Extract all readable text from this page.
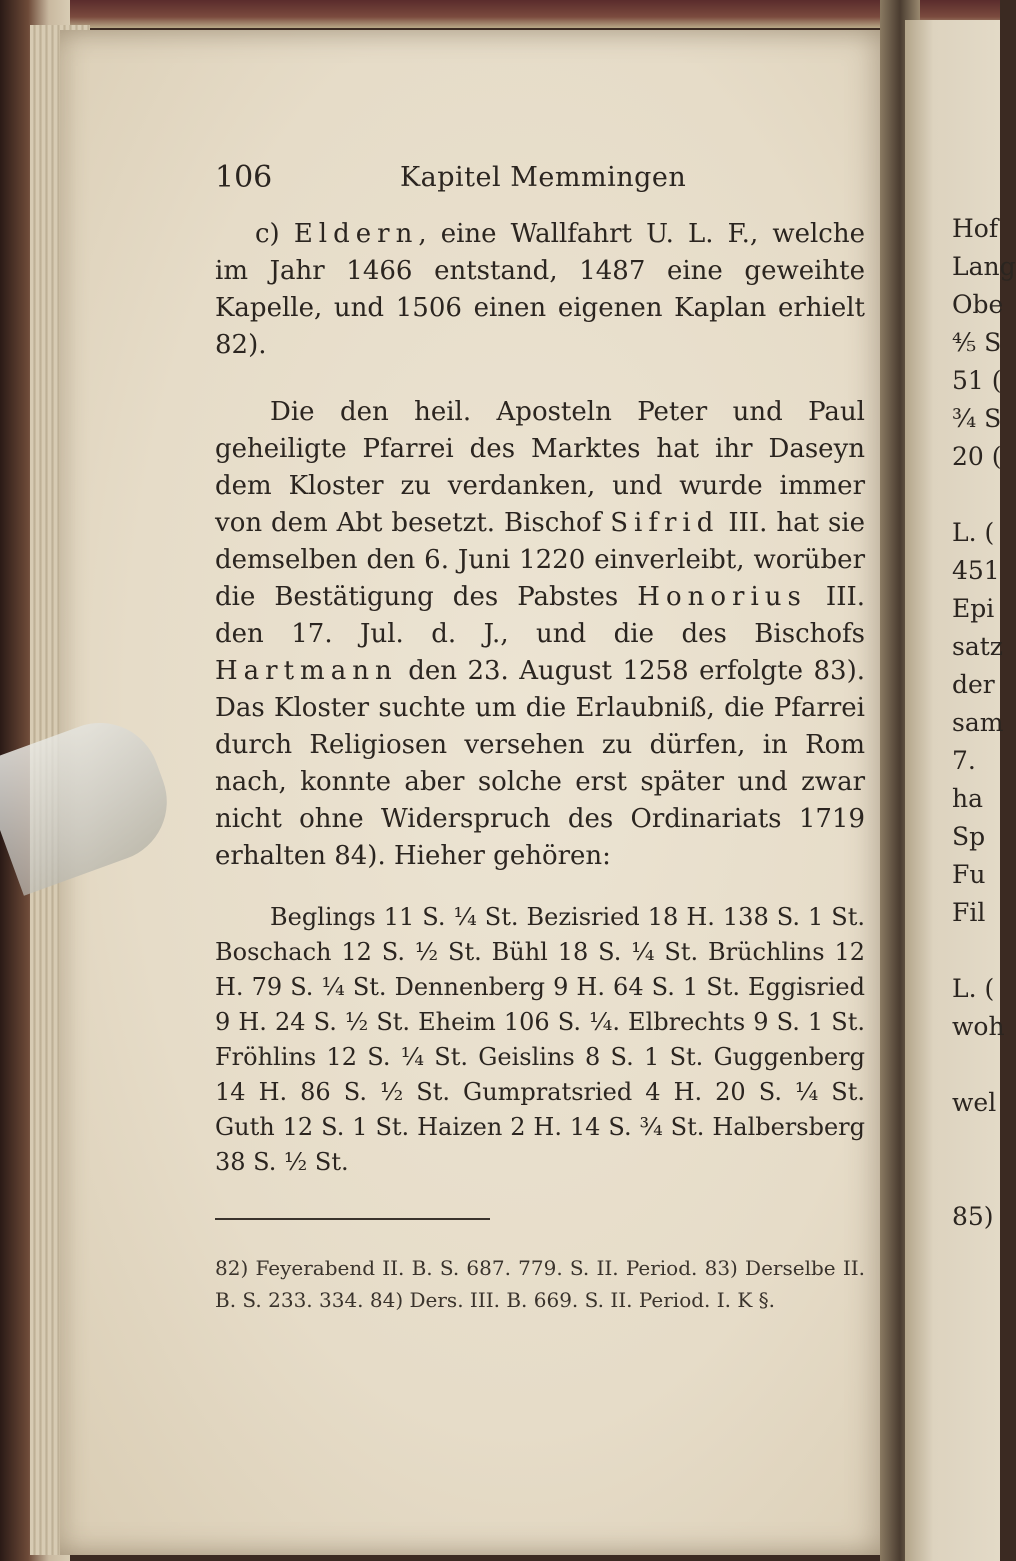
106	Kapitel Memmingen

c) Eldern, eine Wallfahrt U. L. F., welche im Jahr 1466 entstand, 1487 eine geweihte Kapelle, und 1506 einen eigenen Kaplan erhielt 82).

Die den heil. Aposteln Peter und Paul geheiligte Pfarrei des Marktes hat ihr Daseyn dem Kloster zu verdanken, und wurde immer von dem Abt besetzt. Bischof Sifrid III. hat sie demselben den 6. Juni 1220 einverleibt, worüber die Bestätigung des Pabstes Honorius III. den 17. Jul. d. J., und die des Bischofs Hartmann den 23. August 1258 erfolgte 83). Das Kloster suchte um die Erlaubniß, die Pfarrei durch Religiosen versehen zu dürfen, in Rom nach, konnte aber solche erst später und zwar nicht ohne Widerspruch des Ordinariats 1719 erhalten 84). Hieher gehören:

Beglings 11 S. ¼ St. Bezisried 18 H. 138 S. 1 St. Boschach 12 S. ½ St. Bühl 18 S. ¼ St. Brüchlins 12 H. 79 S. ¼ St. Dennenberg 9 H. 64 S. 1 St. Eggisried 9 H. 24 S. ½ St. Eheim 106 S. ¼. Elbrechts 9 S. 1 St. Fröhlins 12 S. ¼ St. Geislins 8 S. 1 St. Guggenberg 14 H. 86 S. ½ St. Gumpratsried 4 H. 20 S. ¼ St. Guth 12 S. 1 St. Haizen 2 H. 14 S. ¾ St. Halbersberg 38 S. ½ St.

82) Feyerabend II. B. S. 687. 779. S. II. Period. 83) Derselbe II. B. S. 233. 334. 84) Ders. III. B. 669. S. II. Period. I. K §.

Hof
Lang
Obe
⅘ S
51 (
¾ S
20 (
L. (
451
Epi
satz
der
sam
7.
ha
Sp
Fu
Fil
L. (
woh
wel
85)
